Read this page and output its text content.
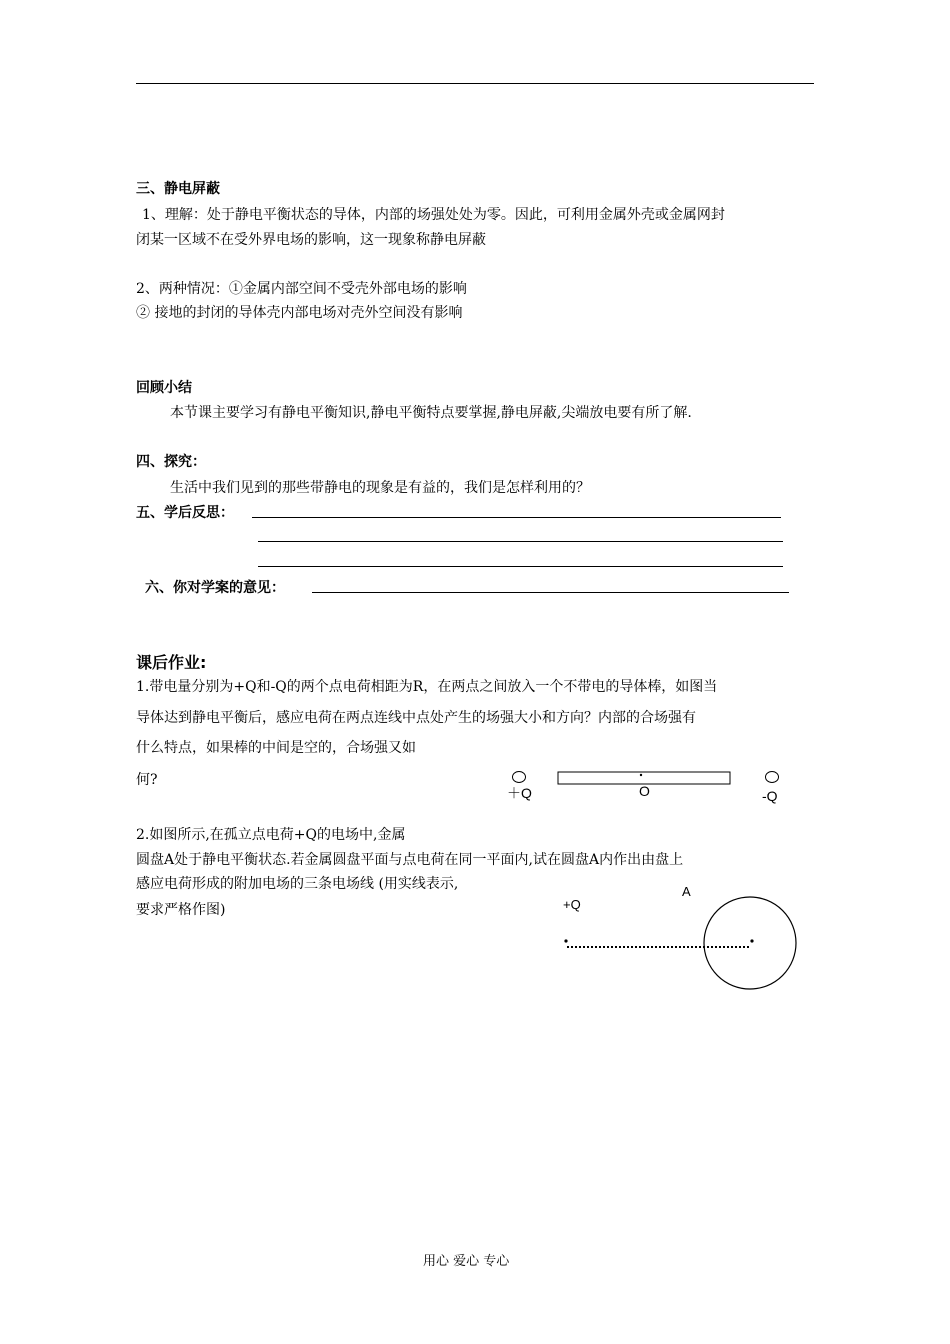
三、静电屏蔽
1、理解：处于静电平衡状态的导体，内部的场强处处为零。因此，可利用金属外壳或金属网封
闭某一区域不在受外界电场的影响，这一现象称静电屏蔽
2、两种情况：①金属内部空间不受壳外部电场的影响
② 接地的封闭的导体壳内部电场对壳外空间没有影响
回顾小结
本节课主要学习有静电平衡知识,静电平衡特点要掌握,静电屏蔽,尖端放电要有所了解.
四、探究：
生活中我们见到的那些带静电的现象是有益的，我们是怎样利用的？
五、学后反思：
六、你对学案的意见：
课后作业:
1.带电量分别为+Q和-Q的两个点电荷相距为R，在两点之间放入一个不带电的导体棒，如图当
导体达到静电平衡后，感应电荷在两点连线中点处产生的场强大小和方向？内部的合场强有
什么特点，如果棒的中间是空的，合场强又如
何?
＋Q	O	-Q
2.如图所示,在孤立点电荷+Q的电场中,金属
圆盘A处于静电平衡状态.若金属圆盘平面与点电荷在同一平面内,试在圆盘A内作出由盘上
感应电荷形成的附加电场的三条电场线 (用实线表示,
要求严格作图)	+Q
A
用心 爱心 专心
